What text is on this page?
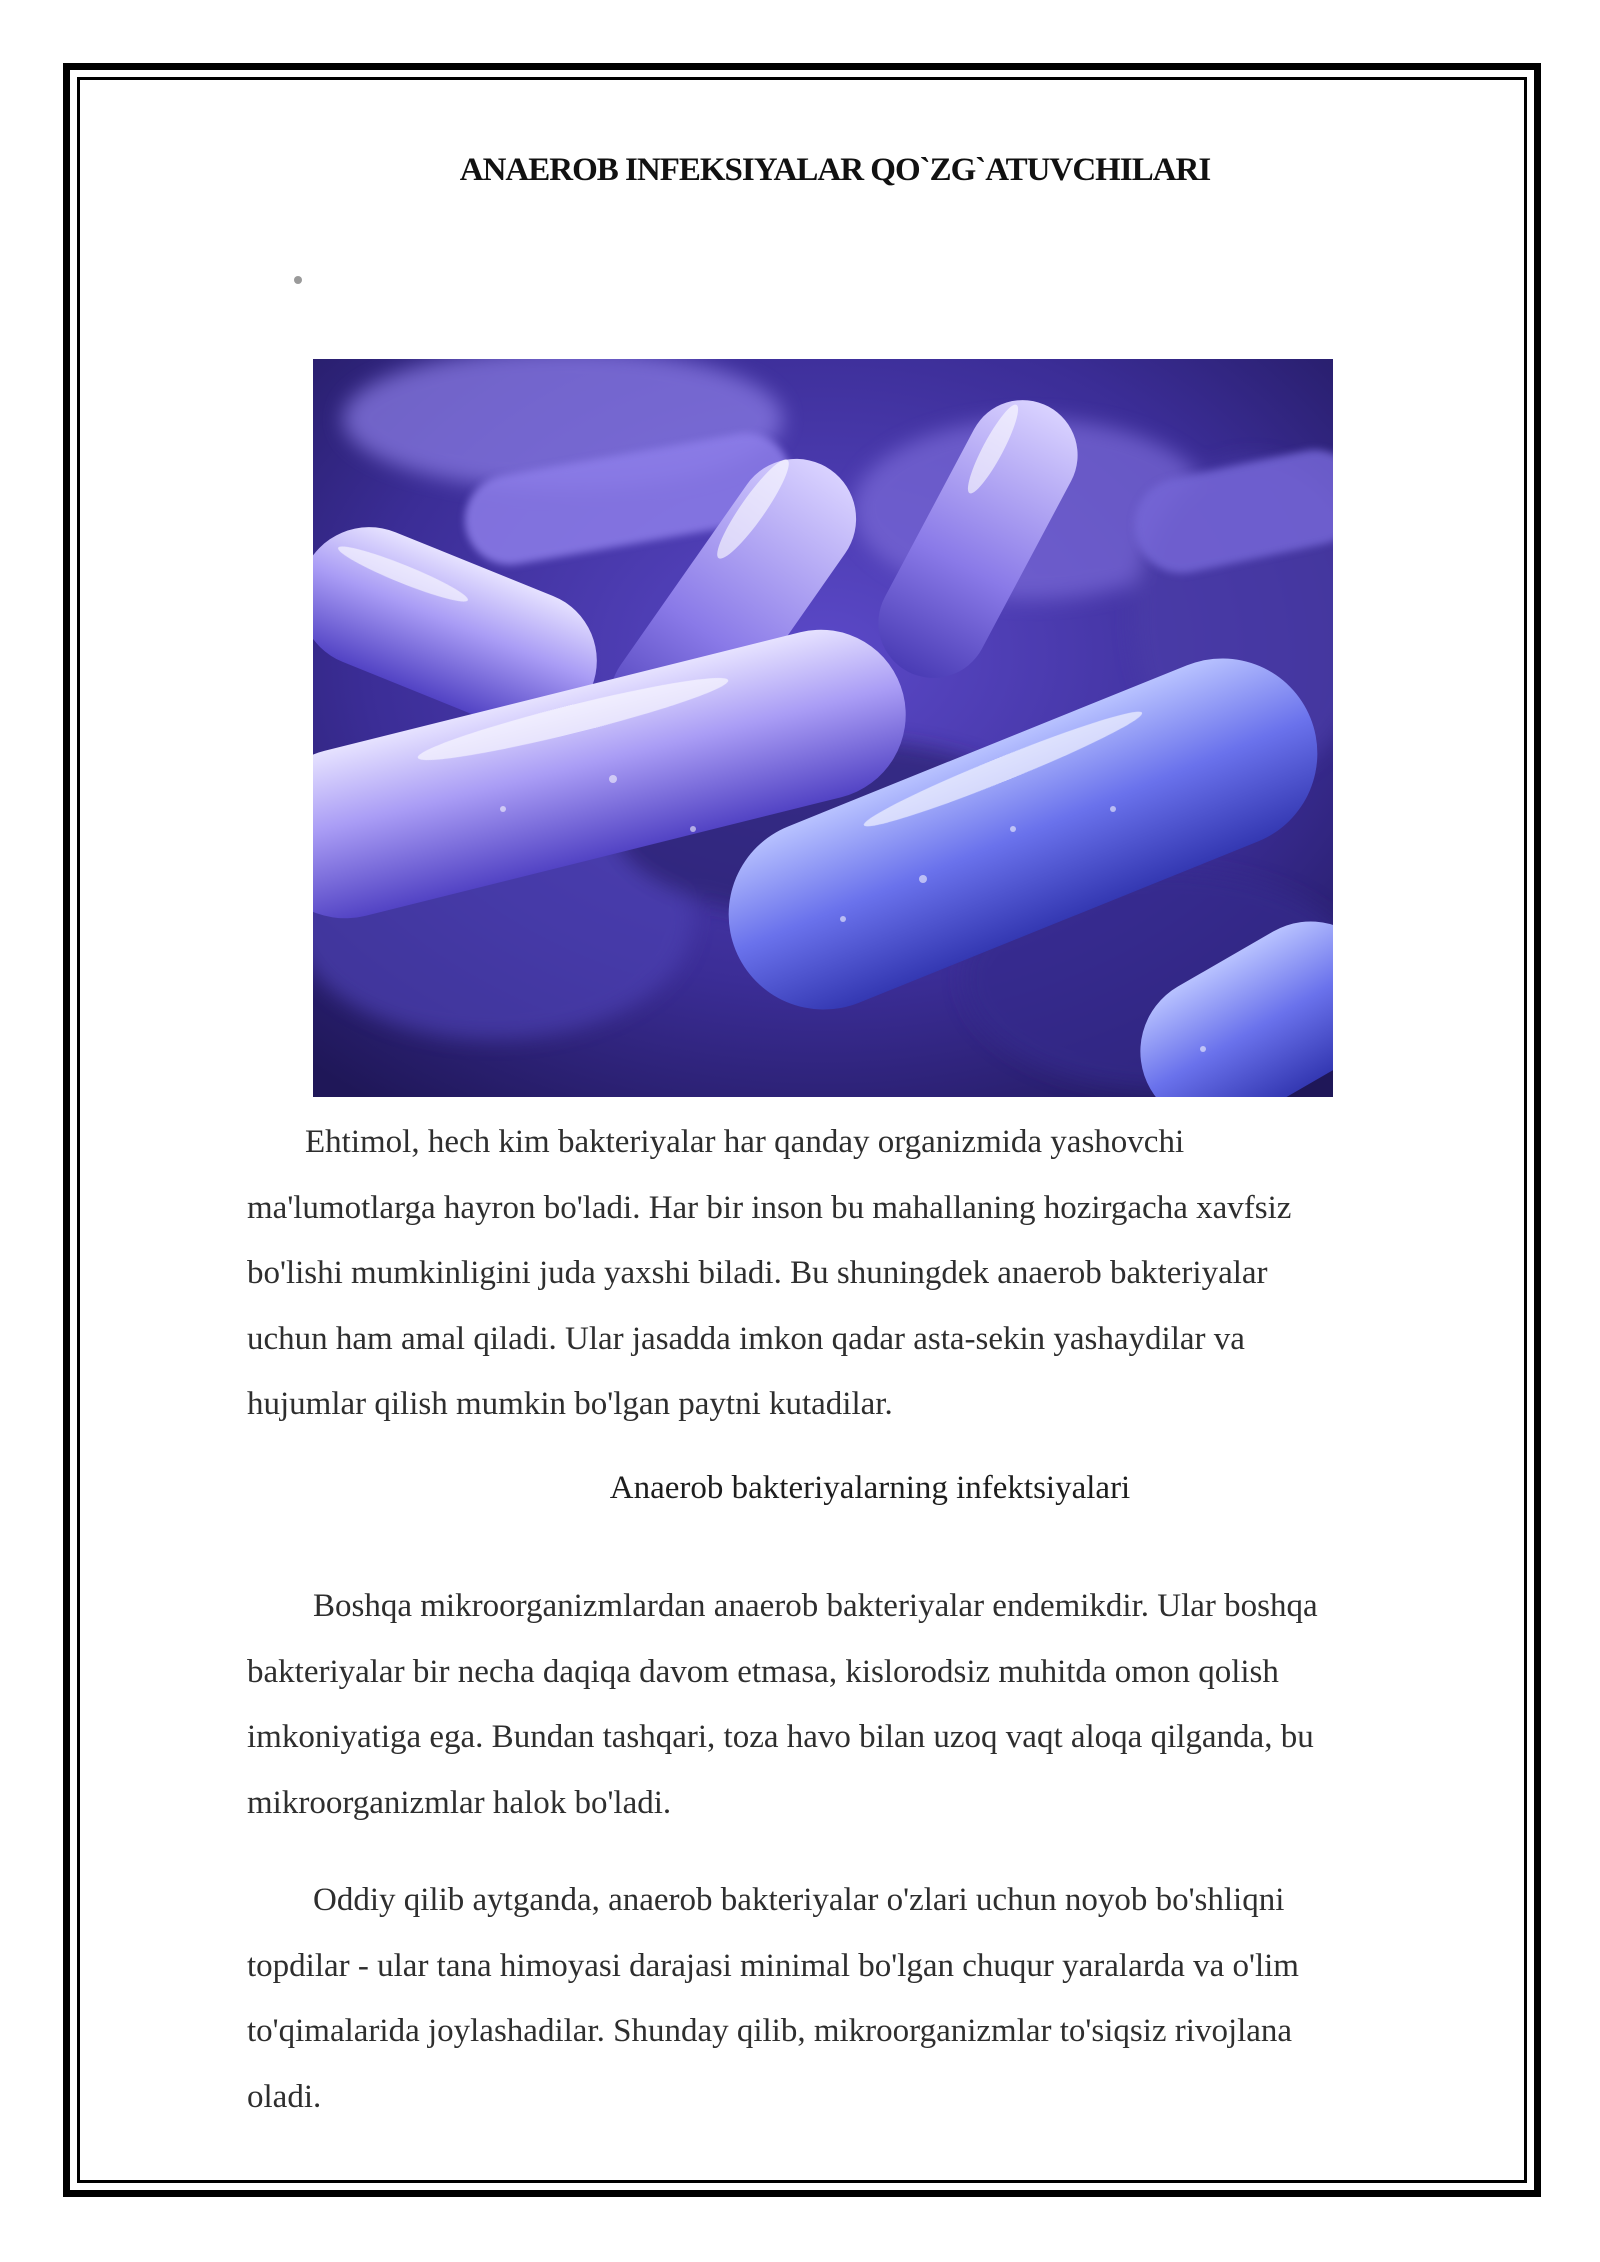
ANAEROB INFEKSIYALAR QO`ZG`ATUVCHILARI
Ehtimol, hech kim bakteriyalar har qanday organizmida yashovchi
ma'lumotlarga hayron bo'ladi. Har bir inson bu mahallaning hozirgacha xavfsiz
bo'lishi mumkinligini juda yaxshi biladi. Bu shuningdek anaerob bakteriyalar
uchun ham amal qiladi. Ular jasadda imkon qadar asta-sekin yashaydilar va
hujumlar qilish mumkin bo'lgan paytni kutadilar.
Anaerob bakteriyalarning infektsiyalari
Boshqa mikroorganizmlardan anaerob bakteriyalar endemikdir. Ular boshqa
bakteriyalar bir necha daqiqa davom etmasa, kislorodsiz muhitda omon qolish
imkoniyatiga ega. Bundan tashqari, toza havo bilan uzoq vaqt aloqa qilganda, bu
mikroorganizmlar halok bo'ladi.
Oddiy qilib aytganda, anaerob bakteriyalar o'zlari uchun noyob bo'shliqni
topdilar - ular tana himoyasi darajasi minimal bo'lgan chuqur yaralarda va o'lim
to'qimalarida joylashadilar. Shunday qilib, mikroorganizmlar to'siqsiz rivojlana
oladi.
